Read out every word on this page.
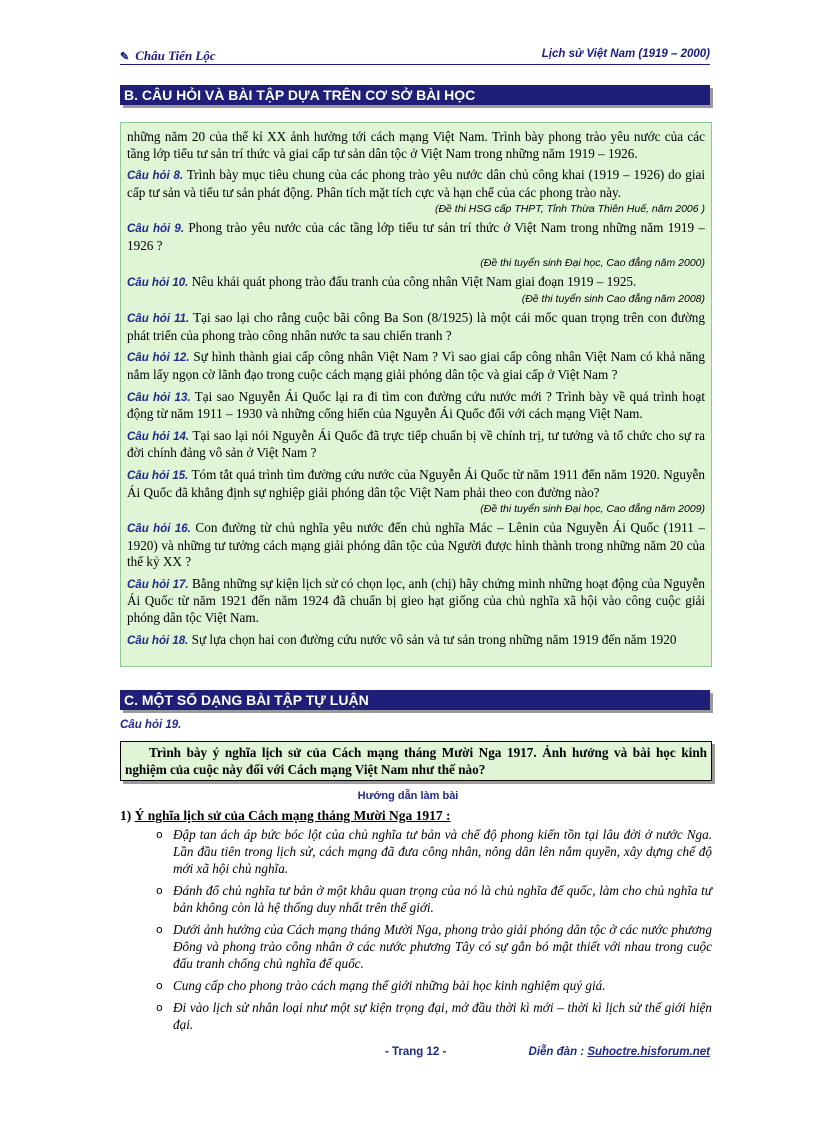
✎ Châu Tiến Lộc	Lịch sử Việt Nam (1919 – 2000)
B. CÂU HỎI VÀ BÀI TẬP DỰA TRÊN CƠ SỞ BÀI HỌC

những năm 20 của thế kỉ XX ảnh hưởng tới cách mạng Việt Nam. Trình bày phong trào yêu nước của các tầng lớp tiểu tư sản trí thức và giai cấp tư sản dân tộc ở Việt Nam trong những năm 1919 – 1926.

Câu hỏi 8. Trình bày mục tiêu chung của các phong trào yêu nước dân chủ công khai (1919 – 1926) do giai cấp tư sản và tiểu tư sản phát động. Phân tích mặt tích cực và hạn chế của các phong trào này.

(Đề thi HSG cấp THPT, Tỉnh Thừa Thiên Huế, năm 2006 )

Câu hỏi 9. Phong trào yêu nước của các tầng lớp tiểu tư sản trí thức ở Việt Nam trong những năm 1919 – 1926 ?

(Đề thi tuyển sinh Đại học, Cao đẳng năm 2000)

Câu hỏi 10. Nêu khái quát phong trào đấu tranh của công nhân Việt Nam giai đoạn 1919 – 1925.

(Đề thi tuyển sinh Cao đẳng năm 2008)

Câu hỏi 11. Tại sao lại cho rằng cuộc bãi công Ba Son (8/1925) là một cái mốc quan trọng trên con đường phát triển của phong trào công nhân nước ta sau chiến tranh ?

Câu hỏi 12. Sự hình thành giai cấp công nhân Việt Nam ? Vì sao giai cấp công nhân Việt Nam có khả năng nắm lấy ngọn cờ lãnh đạo trong cuộc cách mạng giải phóng dân tộc và giai cấp ở Việt Nam ?

Câu hỏi 13. Tại sao Nguyễn Ái Quốc lại ra đi tìm con đường cứu nước mới ? Trình bày về quá trình hoạt động từ năm 1911 – 1930 và những cống hiến của Nguyễn Ái Quốc đối với cách mạng Việt Nam.

Câu hỏi 14. Tại sao lại nói Nguyễn Ái Quốc đã trực tiếp chuẩn bị về chính trị, tư tưởng và tổ chức cho sự ra đời chính đảng vô sản ở Việt Nam ?

Câu hỏi 15. Tóm tắt quá trình tìm đường cứu nước của Nguyễn Ái Quốc từ năm 1911 đến năm 1920. Nguyễn Ái Quốc đã khẳng định sự nghiệp giải phóng dân tộc Việt Nam phải theo con đường nào?

(Đề thi tuyển sinh Đại học, Cao đẳng năm 2009)

Câu hỏi 16. Con đường từ chủ nghĩa yêu nước đến chủ nghĩa Mác – Lênin của Nguyễn Ái Quốc (1911 –1920) và những tư tưởng cách mạng giải phóng dân tộc của Người được hình thành trong những năm 20 của thế kỷ XX ?

Câu hỏi 17. Bằng những sự kiện lịch sử có chọn lọc, anh (chị) hãy chứng minh những hoạt động của Nguyễn Ái Quốc từ năm 1921 đến năm 1924 đã chuẩn bị gieo hạt giống của chủ nghĩa xã hội vào công cuộc giải phóng dân tộc Việt Nam.

Câu hỏi 18. Sự lựa chọn hai con đường cứu nước vô sản và tư sản trong những năm 1919 đến năm 1920

C. MỘT SỐ DẠNG BÀI TẬP TỰ LUẬN
Câu hỏi 19.
Trình bày ý nghĩa lịch sử của Cách mạng tháng Mười Nga 1917. Ảnh hưởng và bài học kinh nghiệm của cuộc này đối với Cách mạng Việt Nam như thế nào?
Hướng dẫn làm bài
1) Ý nghĩa lịch sử của Cách mạng tháng Mười Nga 1917 :
o Đập tan ách áp bức bóc lột của chủ nghĩa tư bản và chế độ phong kiến tồn tại lâu đời ở nước Nga. Lần đầu tiên trong lịch sử, cách mạng đã đưa công nhân, nông dân lên nắm quyền, xây dựng chế độ mới xã hội chủ nghĩa.
o Đánh đổ chủ nghĩa tư bản ở một khâu quan trọng của nó là chủ nghĩa đế quốc, làm cho chủ nghĩa tư bản không còn là hệ thống duy nhất trên thế giới.
o Dưới ảnh hưởng của Cách mạng tháng Mười Nga, phong trào giải phóng dân tộc ở các nước phương Đông và phong trào công nhân ở các nước phương Tây có sự gắn bó mật thiết với nhau trong cuộc đấu tranh chống chủ nghĩa đế quốc.
o Cung cấp cho phong trào cách mạng thế giới những bài học kinh nghiệm quý giá.
o Đi vào lịch sử nhân loại như một sự kiện trọng đại, mở đầu thời kì mới – thời kì lịch sử thế giới hiện đại.
- Trang 12 -	Diễn đàn : Suhoctre.hisforum.net
